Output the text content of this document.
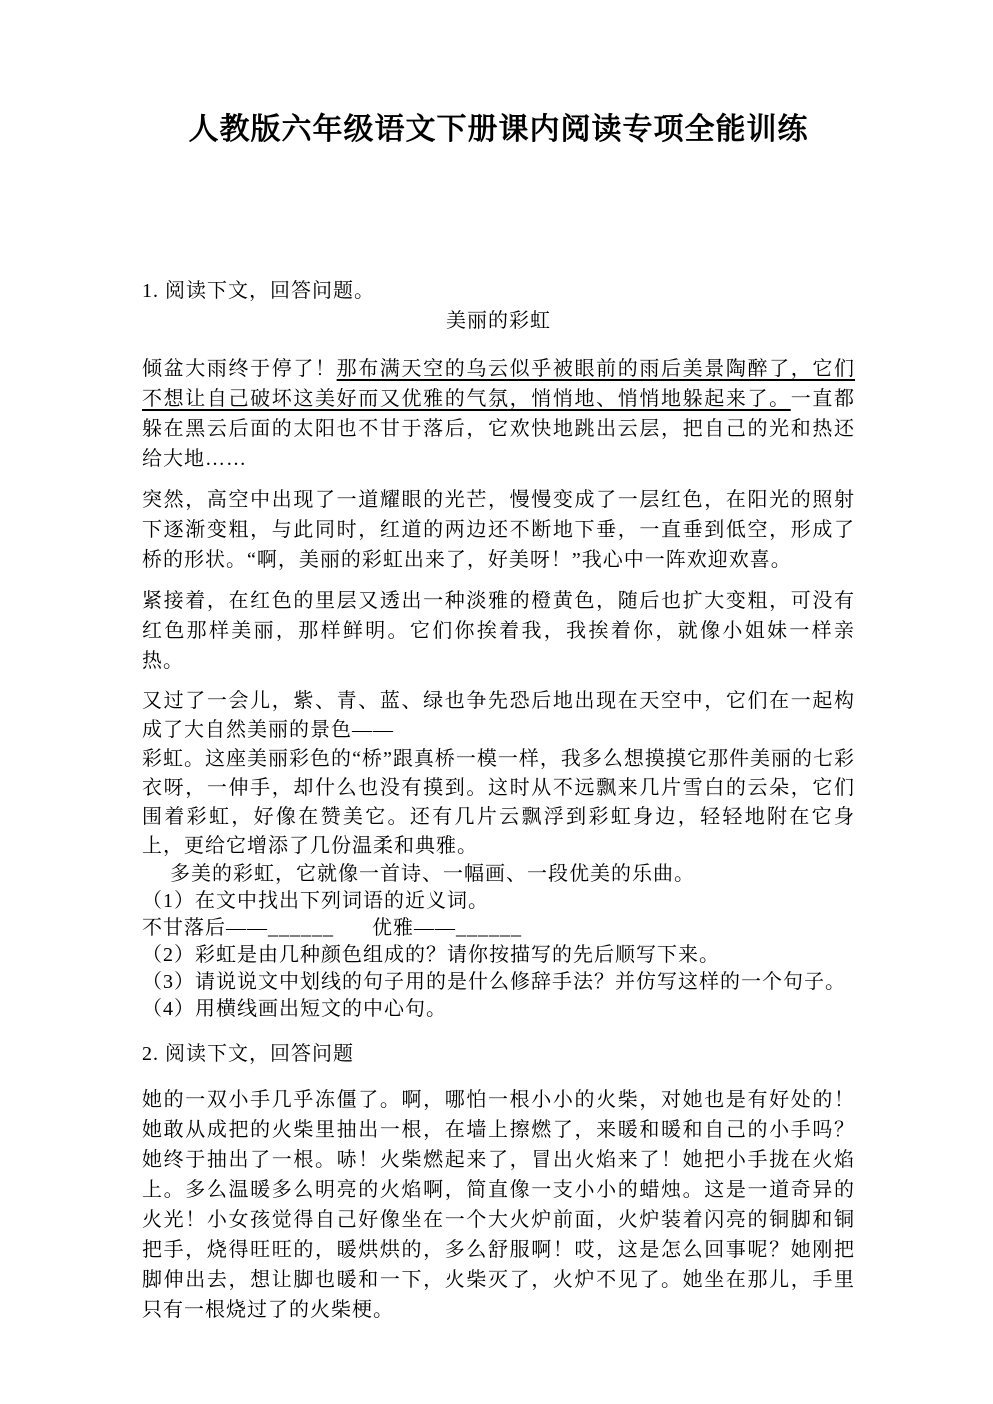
人教版六年级语文下册课内阅读专项全能训练

1. 阅读下文，回答问题。

美丽的彩虹

倾盆大雨终于停了！那布满天空的乌云似乎被眼前的雨后美景陶醉了，它们不想让自己破坏这美好而又优雅的气氛，悄悄地、悄悄地躲起来了。一直都躲在黑云后面的太阳也不甘于落后，它欢快地跳出云层，把自己的光和热还给大地……

突然，高空中出现了一道耀眼的光芒，慢慢变成了一层红色，在阳光的照射下逐渐变粗，与此同时，红道的两边还不断地下垂，一直垂到低空，形成了桥的形状。“啊，美丽的彩虹出来了，好美呀！”我心中一阵欢迎欢喜。

紧接着，在红色的里层又透出一种淡雅的橙黄色，随后也扩大变粗，可没有红色那样美丽，那样鲜明。它们你挨着我，我挨着你，就像小姐妹一样亲热。

又过了一会儿，紫、青、蓝、绿也争先恐后地出现在天空中，它们在一起构成了大自然美丽的景色——
彩虹。这座美丽彩色的“桥”跟真桥一模一样，我多么想摸摸它那件美丽的七彩衣呀，一伸手，却什么也没有摸到。这时从不远飘来几片雪白的云朵，它们围着彩虹，好像在赞美它。还有几片云飘浮到彩虹身边，轻轻地附在它身上，更给它增添了几份温柔和典雅。

多美的彩虹，它就像一首诗、一幅画、一段优美的乐曲。

（1）在文中找出下列词语的近义词。

不甘落后——______ 优雅——______

（2）彩虹是由几种颜色组成的？请你按描写的先后顺写下来。

（3）请说说文中划线的句子用的是什么修辞手法？并仿写这样的一个句子。

（4）用横线画出短文的中心句。

2. 阅读下文，回答问题

她的一双小手几乎冻僵了。啊，哪怕一根小小的火柴，对她也是有好处的！她敢从成把的火柴里抽出一根，在墙上擦燃了，来暖和暖和自己的小手吗？她终于抽出了一根。哧！火柴燃起来了，冒出火焰来了！她把小手拢在火焰上。多么温暖多么明亮的火焰啊，简直像一支小小的蜡烛。这是一道奇异的火光！小女孩觉得自己好像坐在一个大火炉前面，火炉装着闪亮的铜脚和铜把手，烧得旺旺的，暖烘烘的，多么舒服啊！哎，这是怎么回事呢？她刚把脚伸出去，想让脚也暖和一下，火柴灭了，火炉不见了。她坐在那儿，手里只有一根烧过了的火柴梗。
